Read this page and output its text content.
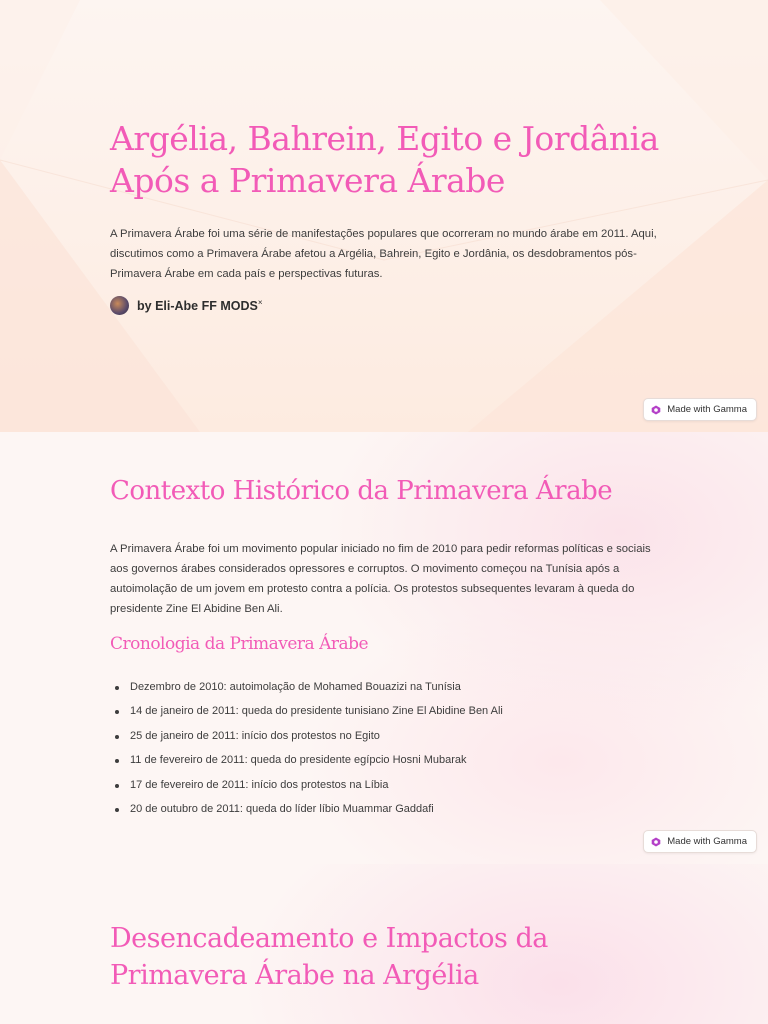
Argélia, Bahrein, Egito e Jordânia
Após a Primavera Árabe

A Primavera Árabe foi uma série de manifestações populares que ocorreram no mundo árabe em 2011. Aqui, discutimos como a Primavera Árabe afetou a Argélia, Bahrein, Egito e Jordânia, os desdobramentos pós-Primavera Árabe em cada país e perspectivas futuras.

by Eli-Abe FF MODS×
Made with Gamma
Contexto Histórico da Primavera Árabe

A Primavera Árabe foi um movimento popular iniciado no fim de 2010 para pedir reformas políticas e sociais aos governos árabes considerados opressores e corruptos. O movimento começou na Tunísia após a autoimolação de um jovem em protesto contra a polícia. Os protestos subsequentes levaram à queda do presidente Zine El Abidine Ben Ali.

Cronologia da Primavera Árabe
Dezembro de 2010: autoimolação de Mohamed Bouazizi na Tunísia
14 de janeiro de 2011: queda do presidente tunisiano Zine El Abidine Ben Ali
25 de janeiro de 2011: início dos protestos no Egito
11 de fevereiro de 2011: queda do presidente egípcio Hosni Mubarak
17 de fevereiro de 2011: início dos protestos na Líbia
20 de outubro de 2011: queda do líder líbio Muammar Gaddafi
Made with Gamma
Desencadeamento e Impactos da
Primavera Árabe na Argélia
